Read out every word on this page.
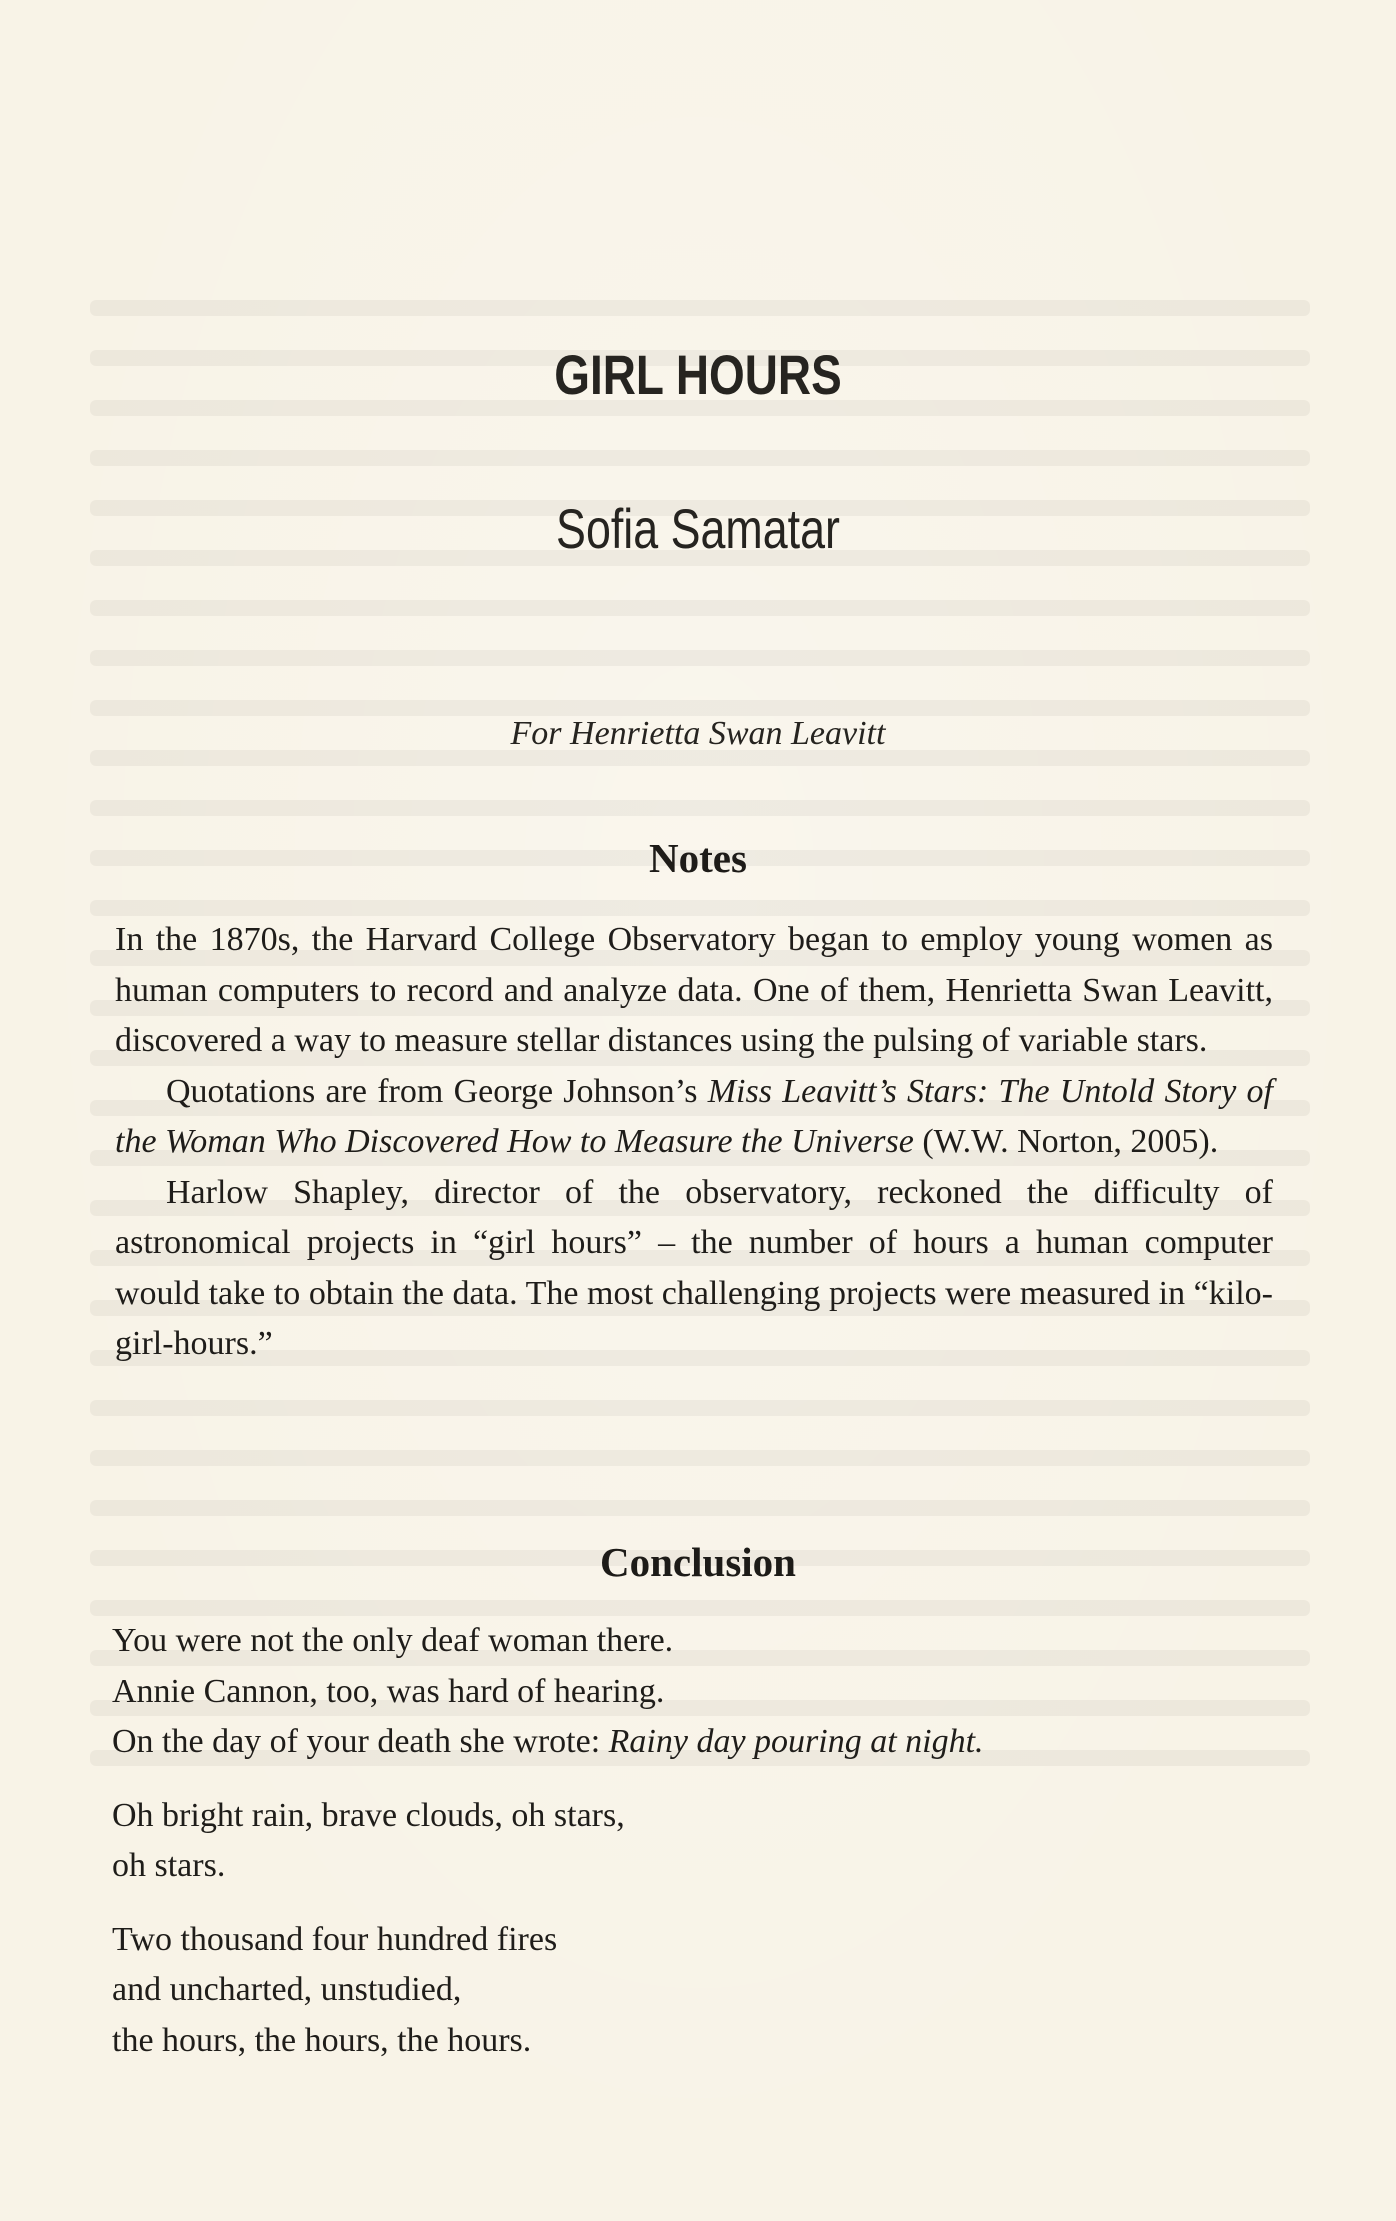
GIRL HOURS
Sofia Samatar
For Henrietta Swan Leavitt
Notes

In the 1870s, the Harvard College Observatory began to employ young women as human computers to record and analyze data. One of them, Henrietta Swan Leavitt, discovered a way to measure stellar distances using the pulsing of variable stars.

Quotations are from George Johnson’s Miss Leavitt’s Stars: The Untold Story of the Woman Who Discovered How to Measure the Universe (W.W. Norton, 2005).

Harlow Shapley, director of the observatory, reckoned the difficulty of astronomical projects in “girl hours” – the number of hours a human computer would take to obtain the data. The most challenging projects were measured in “kilo-girl-hours.”

Conclusion
You were not the only deaf woman there.
Annie Cannon, too, was hard of hearing.
On the day of your death she wrote: Rainy day pouring at night.
Oh bright rain, brave clouds, oh stars,
oh stars.
Two thousand four hundred fires
and uncharted, unstudied,
the hours, the hours, the hours.
